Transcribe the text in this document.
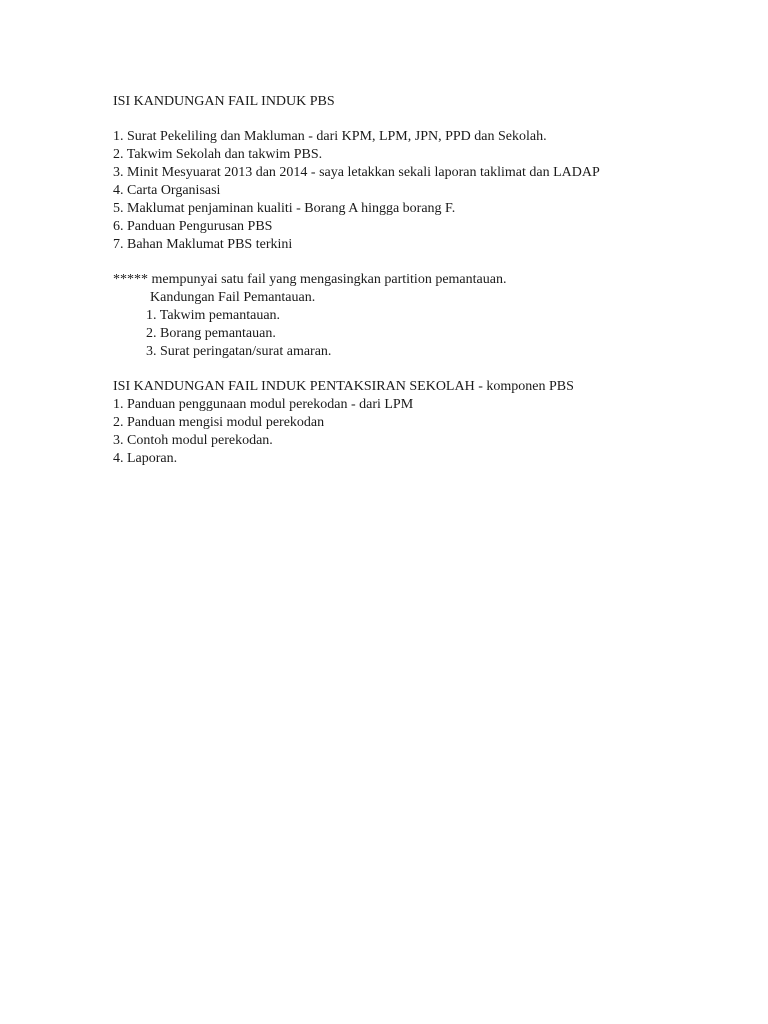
ISI KANDUNGAN FAIL INDUK PBS
1. Surat Pekeliling dan Makluman - dari KPM, LPM, JPN, PPD dan Sekolah.
2. Takwim Sekolah dan takwim PBS.
3. Minit Mesyuarat 2013 dan 2014 - saya letakkan sekali laporan taklimat dan LADAP
4. Carta Organisasi
5. Maklumat penjaminan kualiti - Borang A hingga borang F.
6. Panduan Pengurusan PBS
7. Bahan Maklumat PBS terkini
***** mempunyai satu fail yang mengasingkan partition pemantauan.
Kandungan Fail Pemantauan.
1. Takwim pemantauan.
2. Borang pemantauan.
3. Surat peringatan/surat amaran.
ISI KANDUNGAN FAIL INDUK PENTAKSIRAN SEKOLAH - komponen PBS
1. Panduan penggunaan modul perekodan - dari LPM
2. Panduan mengisi modul perekodan
3. Contoh modul perekodan.
4. Laporan.
